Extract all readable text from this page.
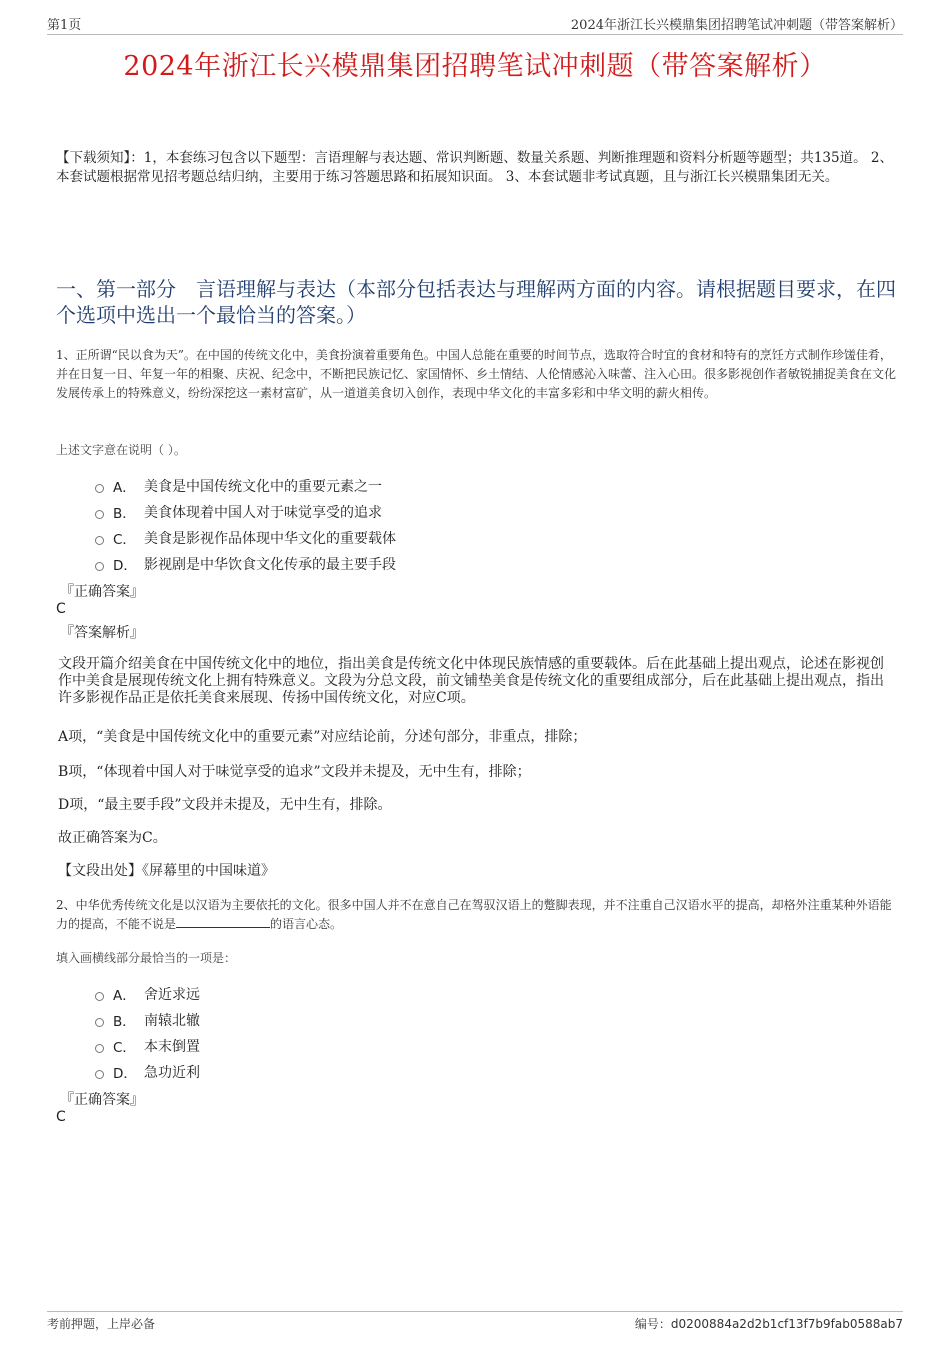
第1页	2024年浙江长兴模鼎集团招聘笔试冲刺题（带答案解析）
2024年浙江长兴模鼎集团招聘笔试冲刺题（带答案解析）
【下载须知】：1，本套练习包含以下题型：言语理解与表达题、常识判断题、数量关系题、判断推理题和资料分析题等题型；共135道。 2、本套试题根据常见招考题总结归纳，主要用于练习答题思路和拓展知识面。 3、本套试题非考试真题，且与浙江长兴模鼎集团无关。
一、第一部分　言语理解与表达（本部分包括表达与理解两方面的内容。请根据题目要求，在四个选项中选出一个最恰当的答案。）
1、正所谓“民以食为天”。在中国的传统文化中，美食扮演着重要角色。中国人总能在重要的时间节点，选取符合时宜的食材和特有的烹饪方式制作珍馐佳肴，并在日复一日、年复一年的相聚、庆祝、纪念中，不断把民族记忆、家国情怀、乡土情结、人伦情感沁入味蕾、注入心田。很多影视创作者敏锐捕捉美食在文化发展传承上的特殊意义，纷纷深挖这一素材富矿，从一道道美食切入创作，表现中华文化的丰富多彩和中华文明的薪火相传。
上述文字意在说明（ ）。
A． 美食是中国传统文化中的重要元素之一
B． 美食体现着中国人对于味觉享受的追求
C． 美食是影视作品体现中华文化的重要载体
D． 影视剧是中华饮食文化传承的最主要手段
『正确答案』
C
『答案解析』
文段开篇介绍美食在中国传统文化中的地位，指出美食是传统文化中体现民族情感的重要载体。后在此基础上提出观点，论述在影视创作中美食是展现传统文化上拥有特殊意义。文段为分总文段，前文铺垫美食是传统文化的重要组成部分，后在此基础上提出观点，指出许多影视作品正是依托美食来展现、传扬中国传统文化，对应C项。
A项，“美食是中国传统文化中的重要元素”对应结论前，分述句部分，非重点，排除；
B项，“体现着中国人对于味觉享受的追求”文段并未提及，无中生有，排除；
D项，“最主要手段”文段并未提及，无中生有，排除。
故正确答案为C。
【文段出处】《屏幕里的中国味道》
2、中华优秀传统文化是以汉语为主要依托的文化。很多中国人并不在意自己在驾驭汉语上的蹩脚表现，并不注重自己汉语水平的提高，却格外注重某种外语能力的提高，不能不说是	的语言心态。
填入画横线部分最恰当的一项是：
A． 舍近求远
B． 南辕北辙
C． 本末倒置
D． 急功近利
『正确答案』
C
考前押题，上岸必备	编号：d0200884a2d2b1cf13f7b9fab0588ab7
